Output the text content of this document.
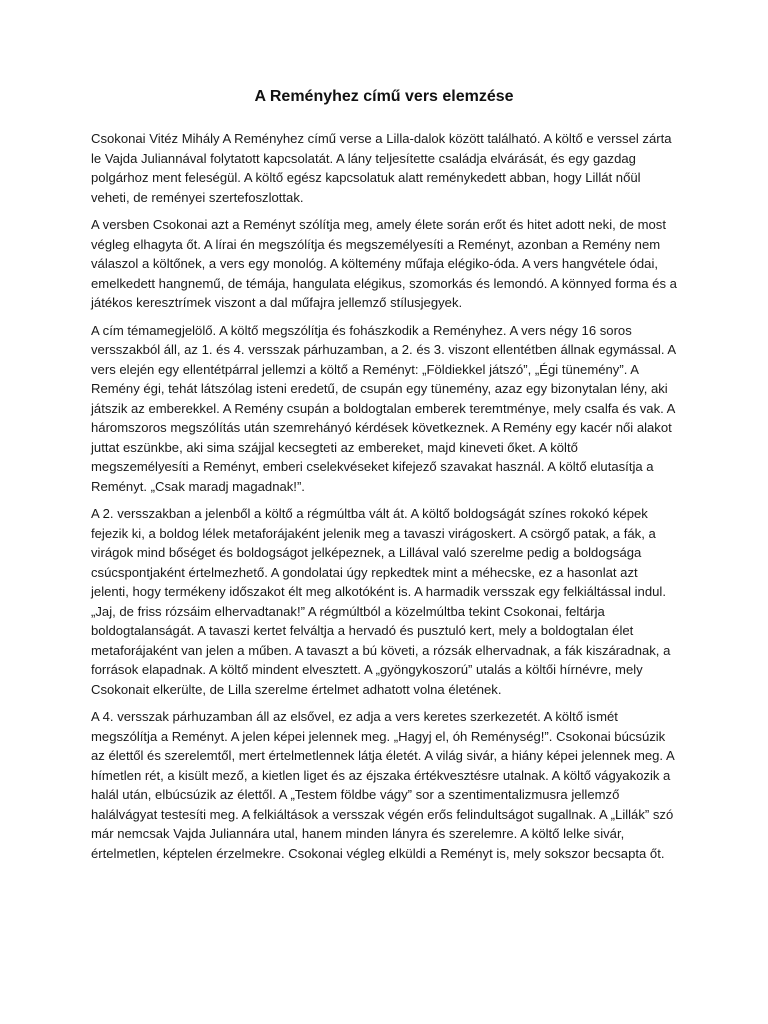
A Reményhez című vers elemzése

Csokonai Vitéz Mihály A Reményhez című verse a Lilla-dalok között található. A költő e verssel zárta le Vajda Juliannával folytatott kapcsolatát. A lány teljesítette családja elvárását, és egy gazdag polgárhoz ment feleségül. A költő egész kapcsolatuk alatt reménykedett abban, hogy Lillát nőül veheti, de reményei szertefoszlottak.

A versben Csokonai azt a Reményt szólítja meg, amely élete során erőt és hitet adott neki, de most végleg elhagyta őt. A lírai én megszólítja és megszemélyesíti a Reményt, azonban a Remény nem válaszol a költőnek, a vers egy monológ. A költemény műfaja elégiko-óda. A vers hangvétele ódai, emelkedett hangnemű, de témája, hangulata elégikus, szomorkás és lemondó. A könnyed forma és a játékos keresztrímek viszont a dal műfajra jellemző stílusjegyek.

A cím témamegjelölő. A költő megszólítja és fohászkodik a Reményhez. A vers négy 16 soros versszakból áll, az 1. és 4. versszak párhuzamban, a 2. és 3. viszont ellentétben állnak egymással. A vers elején egy ellentétpárral jellemzi a költő a Reményt: „Földiekkel játszó”, „Égi tünemény”. A Remény égi, tehát látszólag isteni eredetű, de csupán egy tünemény, azaz egy bizonytalan lény, aki játszik az emberekkel. A Remény csupán a boldogtalan emberek teremtménye, mely csalfa és vak. A háromszoros megszólítás után szemrehányó kérdések következnek. A Remény egy kacér női alakot juttat eszünkbe, aki sima szájjal kecsegteti az embereket, majd kineveti őket. A költő megszemélyesíti a Reményt, emberi cselekvéseket kifejező szavakat használ. A költő elutasítja a Reményt. „Csak maradj magadnak!”.

A 2. versszakban a jelenből a költő a régmúltba vált át. A költő boldogságát színes rokokó képek fejezik ki, a boldog lélek metaforájaként jelenik meg a tavaszi virágoskert. A csörgő patak, a fák, a virágok mind bőséget és boldogságot jelképeznek, a Lillával való szerelme pedig a boldogsága csúcspontjaként értelmezhető. A gondolatai úgy repkedtek mint a méhecske, ez a hasonlat azt jelenti, hogy termékeny időszakot élt meg alkotóként is. A harmadik versszak egy felkiáltással indul. „Jaj, de friss rózsáim elhervadtanak!” A régmúltból a közelmúltba tekint Csokonai, feltárja boldogtalanságát. A tavaszi kertet felváltja a hervadó és pusztuló kert, mely a boldogtalan élet metaforájaként van jelen a műben. A tavaszt a bú követi, a rózsák elhervadnak, a fák kiszáradnak, a források elapadnak. A költő mindent elvesztett. A „gyöngykoszorú” utalás a költői hírnévre, mely Csokonait elkerülte, de Lilla szerelme értelmet adhatott volna életének.

A 4. versszak párhuzamban áll az elsővel, ez adja a vers keretes szerkezetét. A költő ismét megszólítja a Reményt. A jelen képei jelennek meg. „Hagyj el, óh Reménység!”. Csokonai búcsúzik az élettől és szerelemtől, mert értelmetlennek látja életét. A világ sivár, a hiány képei jelennek meg. A hímetlen rét, a kisült mező, a kietlen liget és az éjszaka értékvesztésre utalnak. A költő vágyakozik a halál után, elbúcsúzik az élettől. A „Testem földbe vágy” sor a szentimentalizmusra jellemző halálvágyat testesíti meg. A felkiáltások a versszak végén erős felindultságot sugallnak. A „Lillák” szó már nemcsak Vajda Juliannára utal, hanem minden lányra és szerelemre. A költő lelke sivár, értelmetlen, képtelen érzelmekre. Csokonai végleg elküldi a Reményt is, mely sokszor becsapta őt.
